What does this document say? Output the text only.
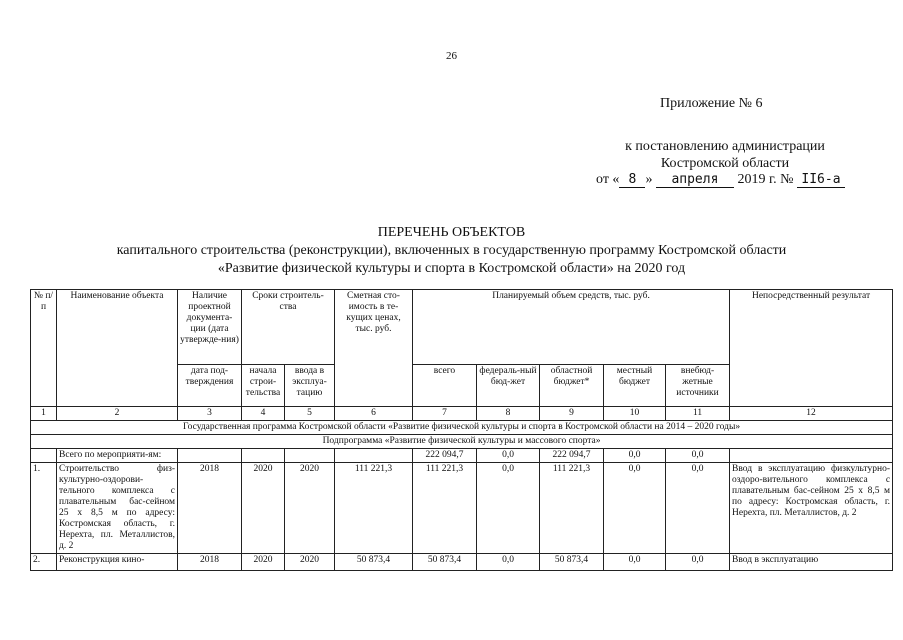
26
Приложение № 6
к постановлению администрации
Костромской области
от « 8 » апреля 2019 г. № II6-а
ПЕРЕЧЕНЬ ОБЪЕКТОВ
капитального строительства (реконструкции), включенных в государственную программу Костромской области
«Развитие физической культуры и спорта в Костромской области» на 2020 год
№ п/п	Наименование объекта	Наличие проектной документа-ции (дата утвержде-ния)	Сроки строитель-ства		Сметная сто-имость в те-кущих ценах, тыс. руб.	Планируемый объем средств, тыс. руб.					Непосредственный результат
		дата под-тверждения	начала строи-тельства	ввода в эксплуа-тацию		всего	федераль-ный бюд-жет	областной бюджет*	местный бюджет	внебюд-жетные источники	
1	2	3	4	5	6	7	8	9	10	11	12
Государственная программа Костромской области «Развитие физической культуры и спорта в Костромской области на 2014 – 2020 годы»											
Подпрограмма «Развитие физической культуры и массового спорта»											
	Всего по мероприяти-ям:					222 094,7	0,0	222 094,7	0,0	0,0	
1.	Строительство физ-культурно-оздорови-тельного комплекса с плавательным бас-сейном 25 х 8,5 м по адресу: Костромская область, г. Нерехта, пл. Металлистов, д. 2	2018	2020	2020	111 221,3	111 221,3	0,0	111 221,3	0,0	0,0	Ввод в эксплуатацию физкультурно-оздоро-вительного комплекса с плавательным бас-сейном 25 х 8,5 м по адресу: Костромская область, г. Нерехта, пл. Металлистов, д. 2
2.	Реконструкция кино-	2018	2020	2020	50 873,4	50 873,4	0,0	50 873,4	0,0	0,0	Ввод в эксплуатацию
